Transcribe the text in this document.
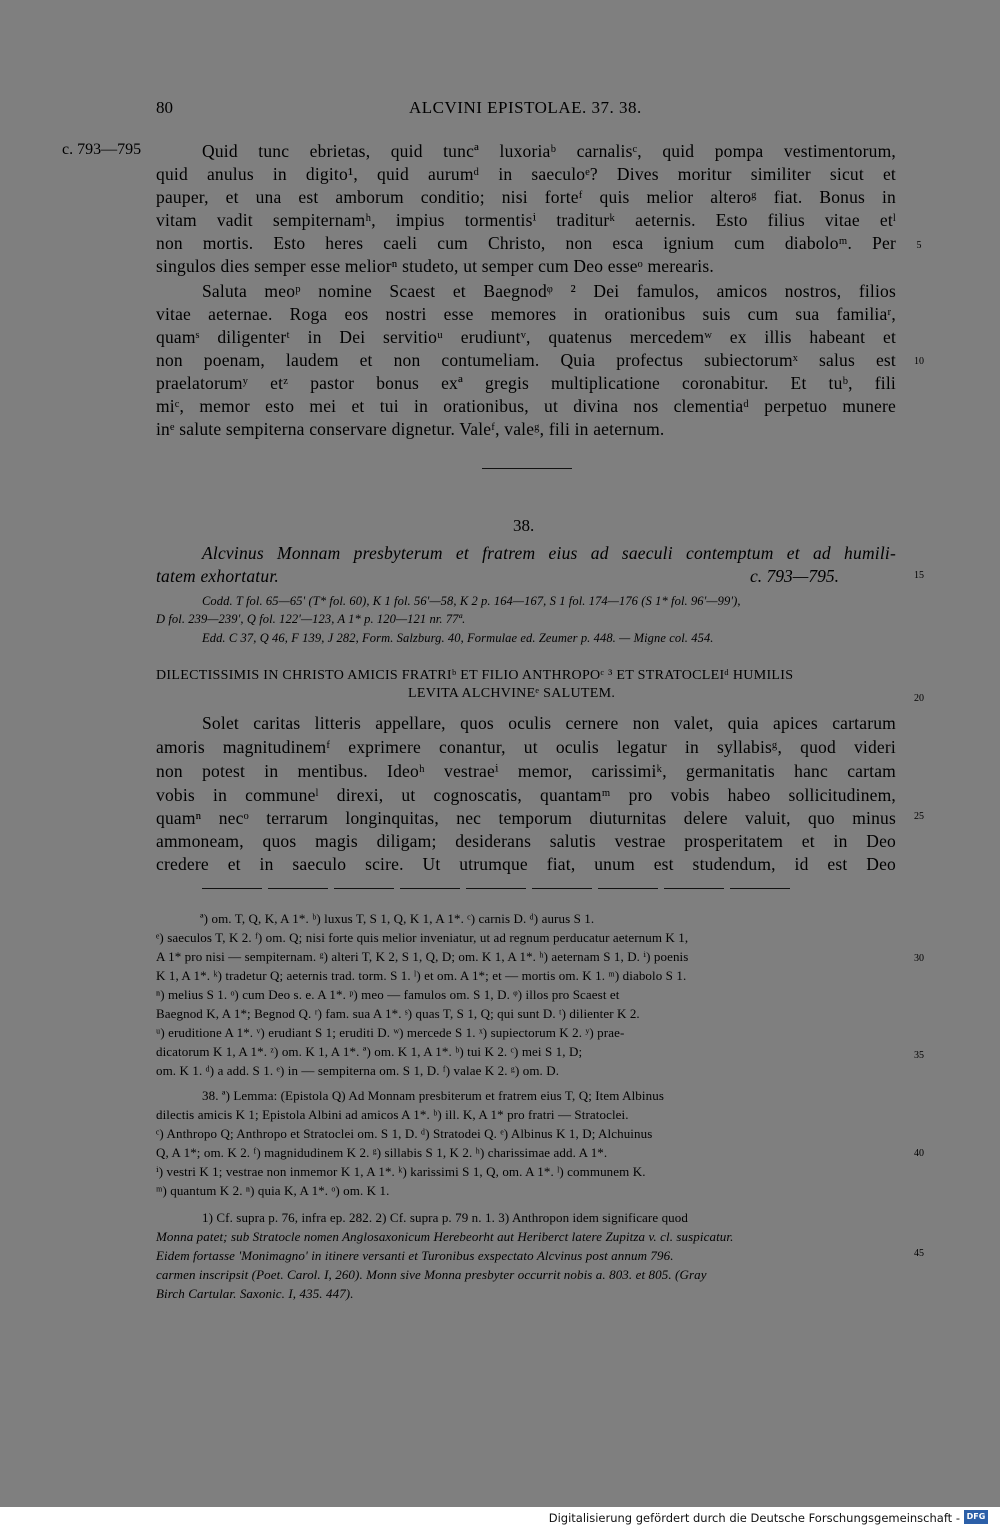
80	ALCVINI EPISTOLAE. 37. 38.
c. 793—795	Quid tunc ebrietas, quid tuncª luxoriaᵇ carnalisᶜ, quid pompa vestimentorum,
quid anulus in digito¹, quid aurumᵈ in saeculoᵉ? Dives moritur similiter sicut et
pauper, et una est amborum conditio; nisi forteᶠ quis melior alteroᵍ fiat. Bonus in
vitam vadit sempiternamʰ, impius tormentisⁱ traditurᵏ aeternis. Esto filius vitae etˡ
non mortis. Esto heres caeli cum Christo, non esca ignium cum diaboloᵐ. Per
singulos dies semper esse meliorⁿ studeto, ut semper cum Deo esseᵒ merearis.
Saluta meoᵖ nomine Scaest et Baegnodᵠ ² Dei famulos, amicos nostros, filios
vitae aeternae. Roga eos nostri esse memores in orationibus suis cum sua familiaʳ,
quamˢ diligenterᵗ in Dei servitioᵘ erudiuntᵛ, quatenus mercedemʷ ex illis habeant et
non poenam, laudem et non contumeliam. Quia profectus subiectorumˣ salus est
praelatorumʸ etᶻ pastor bonus exª gregis multiplicatione coronabitur. Et tuᵇ, fili
miᶜ, memor esto mei et tui in orationibus, ut divina nos clementiaᵈ perpetuo munere
inᵉ salute sempiterna conservare dignetur. Valeᶠ, valeᵍ, fili in aeternum.
38.
Alcvinus Monnam presbyterum et fratrem eius ad saeculi contemptum et ad humili-
tatem exhortatur.	c. 793—795.
Codd. T fol. 65—65' (T* fol. 60), K 1 fol. 56'—58, K 2 p. 164—167, S 1 fol. 174—176 (S 1* fol. 96'—99'),
D fol. 239—239', Q fol. 122'—123, A 1* p. 120—121 nr. 77ª.
Edd. C 37, Q 46, F 139, J 282, Form. Salzburg. 40, Formulae ed. Zeumer p. 448. — Migne col. 454.
DILECTISSIMIS IN CHRISTO AMICIS FRATRIᵇ ET FILIO ANTHROPOᶜ ³ ET STRATOCLEIᵈ HUMILIS
LEVITA ALCHVINEᵉ SALUTEM.
Solet caritas litteris appellare, quos oculis cernere non valet, quia apices cartarum
amoris magnitudinemᶠ exprimere conantur, ut oculis legatur in syllabisᵍ, quod videri
non potest in mentibus. Ideoʰ vestraeⁱ memor, carissimiᵏ, germanitatis hanc cartam
vobis in communeˡ direxi, ut cognoscatis, quantamᵐ pro vobis habeo sollicitudinem,
quamⁿ necᵒ terrarum longinquitas, nec temporum diuturnitas delere valuit, quo minus
ammoneam, quos magis diligam; desiderans salutis vestrae prosperitatem et in Deo
credere et in saeculo scire. Ut utrumque fiat, unum est studendum, id est Deo
ª) om. T, Q, K, A 1*. ᵇ) luxus T, S 1, Q, K 1, A 1*. ᶜ) carnis D. ᵈ) aurus S 1.
ᵉ) saeculos T, K 2. ᶠ) om. Q; nisi forte quis melior inveniatur, ut ad regnum perducatur aeternum K 1,
A 1* pro nisi — sempiternam. ᵍ) alteri T, K 2, S 1, Q, D; om. K 1, A 1*. ʰ) aeternam S 1, D. ⁱ) poenis
K 1, A 1*. ᵏ) tradetur Q; aeternis trad. torm. S 1. ˡ) et om. A 1*; et — mortis om. K 1. ᵐ) diabolo S 1.
ⁿ) melius S 1. ᵒ) cum Deo s. e. A 1*. ᵖ) meo — famulos om. S 1, D. ᵠ) illos pro Scaest et
Baegnod K, A 1*; Begnod Q. ʳ) fam. sua A 1*. ˢ) quas T, S 1, Q; qui sunt D. ᵗ) dilienter K 2.
ᵘ) eruditione A 1*. ᵛ) erudiant S 1; eruditi D. ʷ) mercede S 1. ˣ) supiectorum K 2. ʸ) prae-
dicatorum K 1, A 1*. ᶻ) om. K 1, A 1*. ª) om. K 1, A 1*. ᵇ) tui K 2. ᶜ) mei S 1, D;
om. K 1. ᵈ) a add. S 1. ᵉ) in — sempiterna om. S 1, D. ᶠ) valae K 2. ᵍ) om. D.
38. ª) Lemma: (Epistola Q) Ad Monnam presbiterum et fratrem eius T, Q; Item Albinus
dilectis amicis K 1; Epistola Albini ad amicos A 1*. ᵇ) ill. K, A 1* pro fratri — Stratoclei.
ᶜ) Anthropo Q; Anthropo et Stratoclei om. S 1, D. ᵈ) Stratodei Q. ᵉ) Albinus K 1, D; Alchuinus
Q, A 1*; om. K 2. ᶠ) magnidudinem K 2. ᵍ) sillabis S 1, K 2. ʰ) charissimae add. A 1*.
ⁱ) vestri K 1; vestrae non inmemor K 1, A 1*. ᵏ) karissimi S 1, Q, om. A 1*. ˡ) communem K.
ᵐ) quantum K 2. ⁿ) quia K, A 1*. ᵒ) om. K 1.
1) Cf. supra p. 76, infra ep. 282. 2) Cf. supra p. 79 n. 1. 3) Anthropon idem significare quod
Monna patet; sub Stratocle nomen Anglosaxonicum Herebeorht aut Heriberct latere Zupitza v. cl. suspicatur.
Eidem fortasse 'Monimagno' in itinere versanti et Turonibus exspectato Alcvinus post annum 796.
carmen inscripsit (Poet. Carol. I, 260). Monn sive Monna presbyter occurrit nobis a. 803. et 805. (Gray
Birch Cartular. Saxonic. I, 435. 447).
5
10
15
20
25
30
35
40
45
Digitalisierung gefördert durch die Deutsche Forschungsgemeinschaft - DFG
